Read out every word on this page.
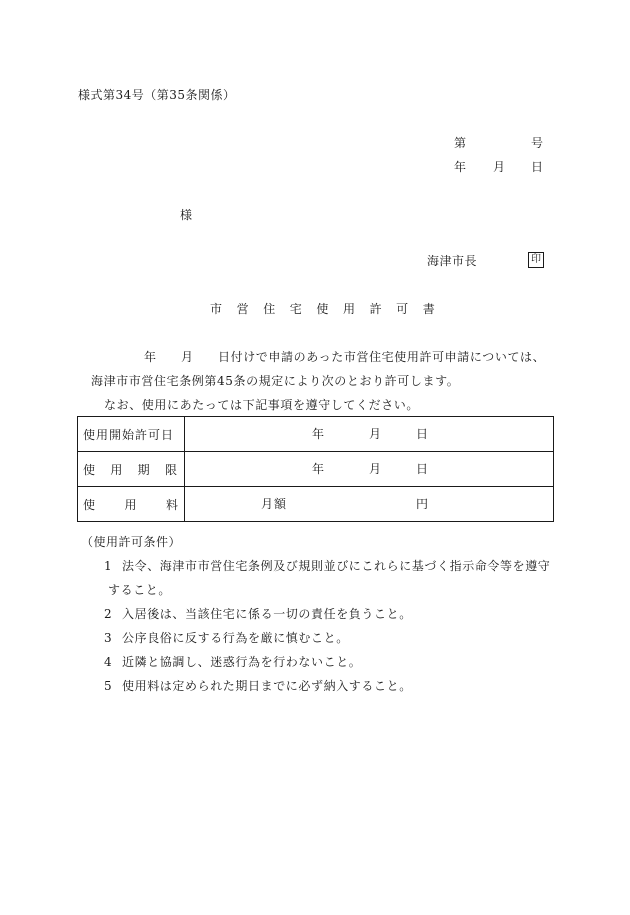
様式第34号（第35条関係）
第	号
年 月 日
様
海津市長	印
市 営 住 宅 使 用 許 可 書
年 月 日付けで申請のあった市営住宅使用許可申請については、
海津市市営住宅条例第45条の規定により次のとおり許可します。
なお、使用にあたっては下記事項を遵守してください。
使用開始許可日	年 月 日

使 用 期 限	年 月 日

使 用 料	月額 円
（使用許可条件）
1 法令、海津市市営住宅条例及び規則並びにこれらに基づく指示命令等を遵守
すること。
2 入居後は、当該住宅に係る一切の責任を負うこと。
3 公序良俗に反する行為を厳に慎むこと。
4 近隣と協調し、迷惑行為を行わないこと。
5 使用料は定められた期日までに必ず納入すること。
